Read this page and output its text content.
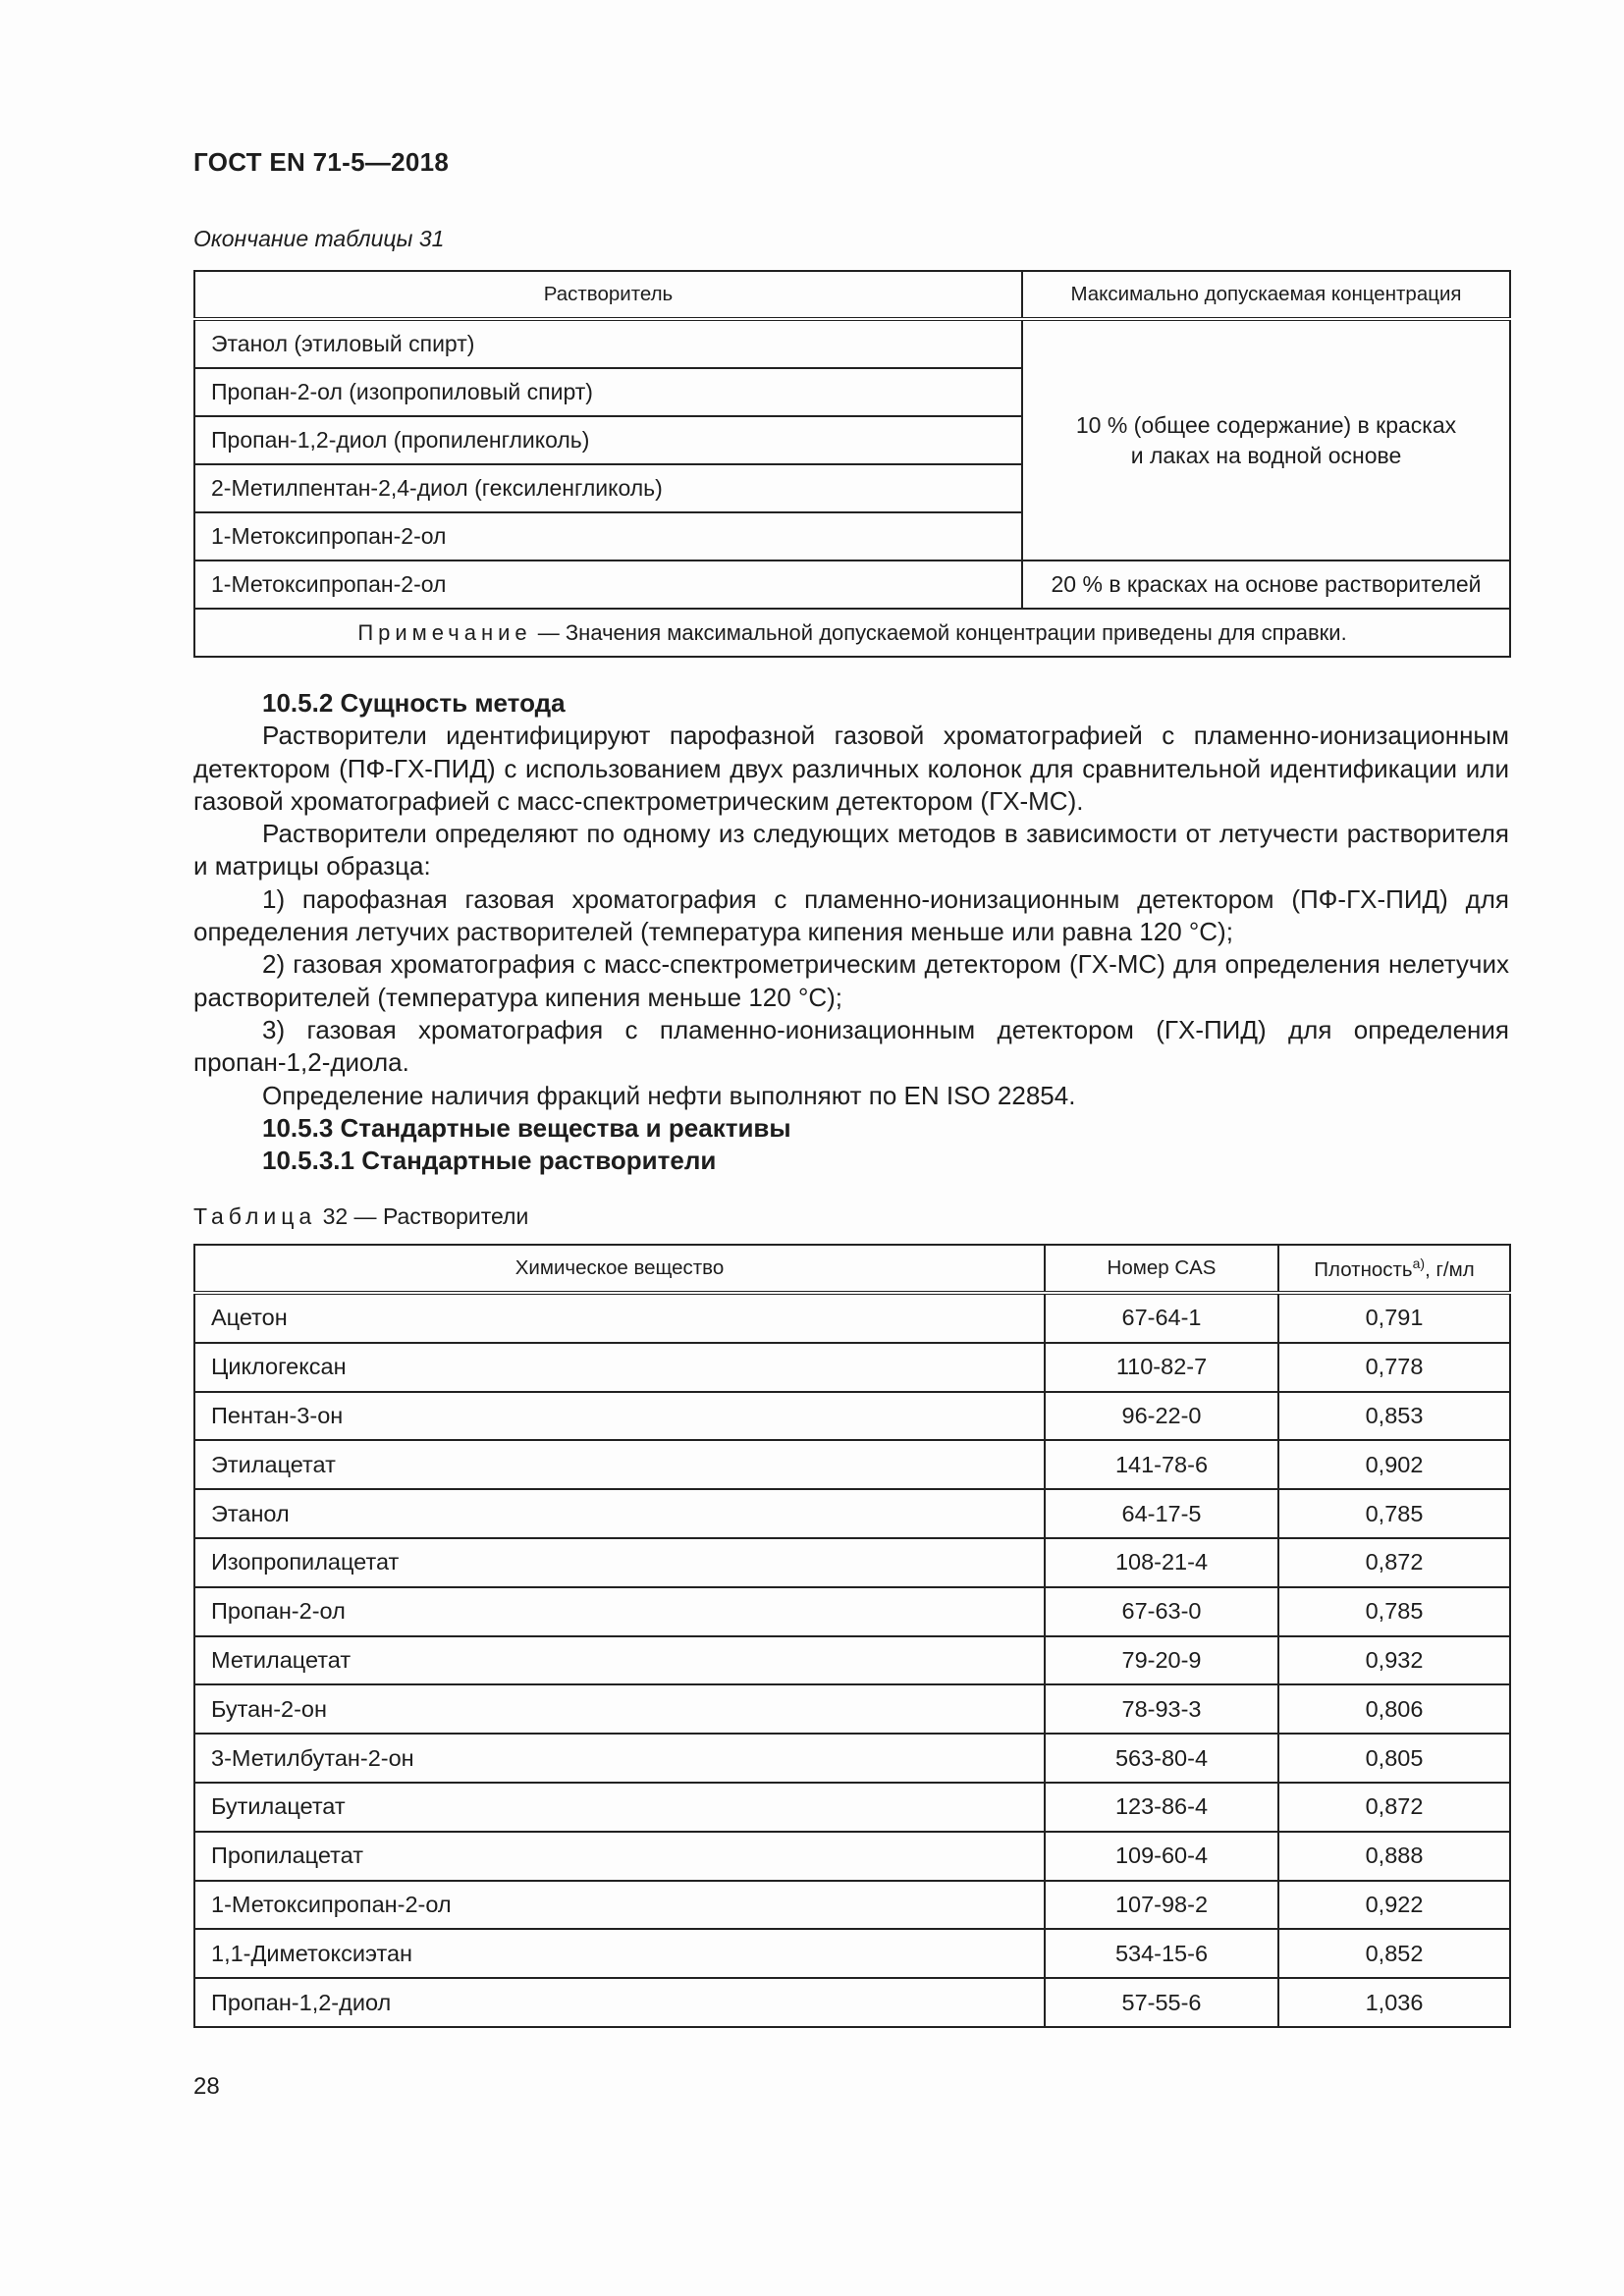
ГОСТ EN 71-5—2018
Окончание таблицы 31
Растворитель	Максимально допускаемая концентрация
Этанол (этиловый спирт)	10 % (общее содержание) в красках
и лаках на водной основе
Пропан-2-ол (изопропиловый спирт)	
Пропан-1,2-диол (пропиленгликоль)	
2-Метилпентан-2,4-диол (гексиленгликоль)	
1-Метоксипропан-2-ол	
1-Метоксипропан-2-ол	20 % в красках на основе растворителей
Примечание — Значения максимальной допускаемой концентрации приведены для справки.	

10.5.2 Сущность метода

Растворители идентифицируют парофазной газовой хроматографией с пламенно-ионизационным детектором (ПФ-ГХ-ПИД) с использованием двух различных колонок для сравнительной идентификации или газовой хроматографией с масс-спектрометрическим детектором (ГХ-МС).

Растворители определяют по одному из следующих методов в зависимости от летучести растворителя и матрицы образца:

1) парофазная газовая хроматография с пламенно-ионизационным детектором (ПФ-ГХ-ПИД) для определения летучих растворителей (температура кипения меньше или равна 120 °С);

2) газовая хроматография с масс-спектрометрическим детектором (ГХ-МС) для определения нелетучих растворителей (температура кипения меньше 120 °С);

3) газовая хроматография с пламенно-ионизационным детектором (ГХ-ПИД) для определения пропан-1,2-диола.

Определение наличия фракций нефти выполняют по EN ISO 22854.

10.5.3 Стандартные вещества и реактивы

10.5.3.1 Стандартные растворители

Таблица 32 — Растворители
Химическое вещество	Номер CAS	Плотность$^{а)}$, г/мл
Ацетон	67-64-1	0,791
Циклогексан	110-82-7	0,778
Пентан-3-он	96-22-0	0,853
Этилацетат	141-78-6	0,902
Этанол	64-17-5	0,785
Изопропилацетат	108-21-4	0,872
Пропан-2-ол	67-63-0	0,785
Метилацетат	79-20-9	0,932
Бутан-2-он	78-93-3	0,806
3-Метилбутан-2-он	563-80-4	0,805
Бутилацетат	123-86-4	0,872
Пропилацетат	109-60-4	0,888
1-Метоксипропан-2-ол	107-98-2	0,922
1,1-Диметоксиэтан	534-15-6	0,852
Пропан-1,2-диол	57-55-6	1,036
28
